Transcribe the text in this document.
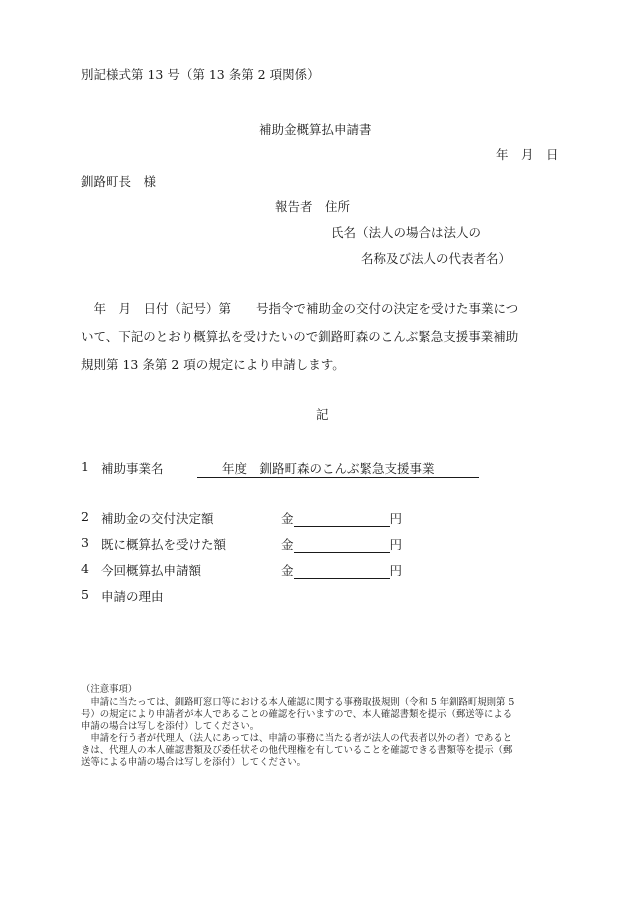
別記様式第 13 号（第 13 条第 2 項関係）
補助金概算払申請書
年　月　日
釧路町長　様
報告者　住所
氏名（法人の場合は法人の
名称及び法人の代表者名）
　年　月　日付（記号）第　　号指令で補助金の交付の決定を受けた事業につ
いて、下記のとおり概算払を受けたいので釧路町森のこんぶ緊急支援事業補助
規則第 13 条第 2 項の規定により申請します。
記
1 補助事業名	　　年度　釧路町森のこんぶ緊急支援事業
2 補助金の交付決定額	金	円
3 既に概算払を受けた額	金	円
4 今回概算払申請額	金	円
5 申請の理由
（注意事項）
　申請に当たっては、釧路町窓口等における本人確認に関する事務取扱規則（令和 5 年釧路町規則第 5
号）の規定により申請者が本人であることの確認を行いますので、本人確認書類を提示（郵送等による
申請の場合は写しを添付）してください。
　申請を行う者が代理人（法人にあっては、申請の事務に当たる者が法人の代表者以外の者）であると
きは、代理人の本人確認書類及び委任状その他代理権を有していることを確認できる書類等を提示（郵
送等による申請の場合は写しを添付）してください。
